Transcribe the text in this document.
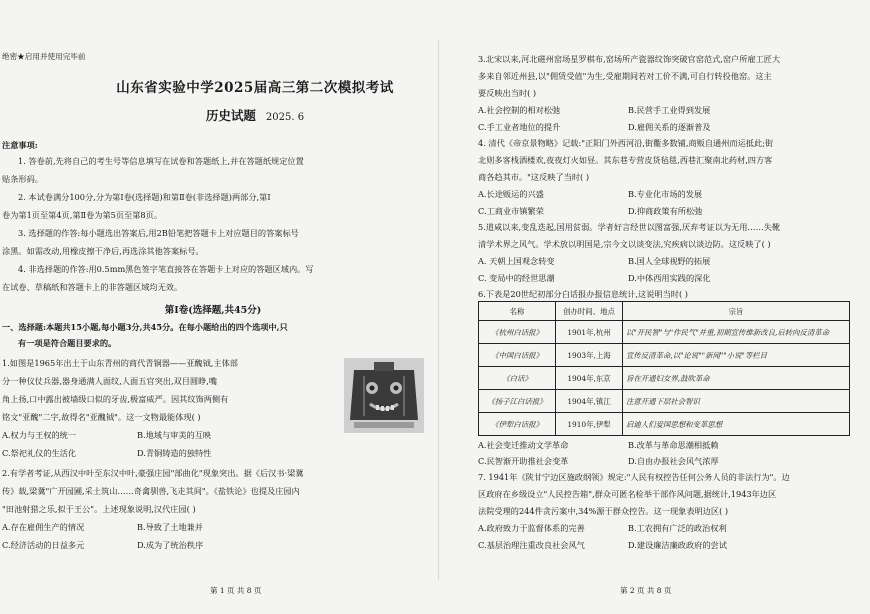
绝密★启用并使用完毕前
山东省实验中学2025届高三第二次模拟考试
历史试题 2025. 6
注意事项:
1. 答卷前,先将自己的考生号等信息填写在试卷和答题纸上,并在答题纸规定位置
贴条形码。
2. 本试卷满分100分,分为第Ⅰ卷(选择题)和第Ⅱ卷(非选择题)两部分,第Ⅰ
卷为第1页至第4页,第Ⅱ卷为第5页至第8页。
3. 选择题的作答:每小题选出答案后,用2B铅笔把答题卡上对应题目的答案标号
涂黑。如需改动,用橡皮擦干净后,再选涂其他答案标号。
4. 非选择题的作答:用0.5mm黑色签字笔直接答在答题卡上对应的答题区域内。写
在试卷、草稿纸和答题卡上的非答题区域均无效。
第Ⅰ卷(选择题,共45分)
一、选择题:本题共15小题,每小题3分,共45分。在每小题给出的四个选项中,只
有一项是符合题目要求的。
1.如图是1965年出土于山东青州的商代青铜器——亚醜钺,主体部
分一种仪仗兵器,器身通满人面纹,人面五官突出,双目圆睁,嘴
角上扬,口中露出被墙级口似的牙齿,极富威严。因其纹饰两侧有
铭文"亚醜"二字,故得名"亚醜钺"。这一文物最能体现( )
A.权力与王权的统一	B.地域与审美的互映
C.祭祀礼仪的生活化	D.青铜铸造的独特性
2.有学者考证,从西汉中叶至东汉中叶,豪强庄园"部曲化"现象突出。据《后汉书·梁冀
传》载,梁冀"广开园圃,采土筑山……奇禽驯兽,飞走其间"。《盐铁论》也提及庄园内
"田池射猎之乐,拟于王公"。上述现象说明,汉代庄园( )
A.存在雇佣生产的情况	B.导致了土地兼并
C.经济活动的日益多元	D.成为了统治秩序
第 1 页 共 8 页
3.北宋以来,河北磁州窑场星罗棋布,窑场所产瓷器纹饰突破官窑范式,窑户所雇工匠大
多来自邻近州县,以"佣赁受值"为生,受雇期间若对工价不满,可自行转投他窑。这主
要反映出当时( )
A.社会控制的相对松弛	B.民营手工业得到发展
C.手工业者地位的提升	D.雇佣关系的逐渐普及
4. 清代《帝京景物略》记载:"正阳门外西河沿,街衢多数铺,商贩自通州而运抵此;街
北则多客栈酒楼欢,夜夜灯火如昼。其东巷专营皮货毡毯,西巷汇聚南北药材,四方客
商各趋其市。"这反映了当时( )
A.长途贩运的兴盛	B.专业化市场的发展
C.工商业市镇繁荣	D.抑商政策有所松弛
5.道咸以来,变乱迭起,国用贫弱。学者好言经世以图富强,厌弃考证以为无用……失靴
清学术界之风气。学术放以明国是,宗今文以谈变法,究疾病以谈边防。这反映了( )
A. 天朝上国观念转变	B.国人全球视野的拓展
C. 变局中的经世思潮	D.中体西用实践的深化
6.下表是20世纪初部分白话报办报信息统计,这说明当时( )
名称	创办时间、地点	宗旨
《杭州白话报》	1901年,杭州	以"开民智"与"作民气"并重,初期宣传维新改良,后转向反清革命
《中国白话报》	1903年,上海	宣传反清革命,以"论说""新闻""小说"等栏目
《白话》	1904年,东京	旨在开通妇女界,鼓吹革命
《扬子江白话报》	1904年,镇江	注意开通下层社会智识
《伊犁白话报》	1910年,伊犁	启迪人们爱国思想和变革思想
A.社会变迁推动文学革命	B.改革与革命思潮相抵赖
C.民智渐开助推社会变革	D.自由办报社会风气浓厚
7. 1941年《陕甘宁边区施政纲领》规定:"人民有权控告任何公务人员的非法行为"。边
区政府在乡级设立"人民控告箱",群众可匿名检举干部作风问题,据统计,1943年边区
法院受理的244件贪污案中,34%源于群众控告。这一现象表明边区( )
A.政府致力于监督体系的完善	B.工农拥有广泛的政治权利
C.基层治理注重改良社会风气	D.建设廉洁廉政政府的尝试
第 2 页 共 8 页
